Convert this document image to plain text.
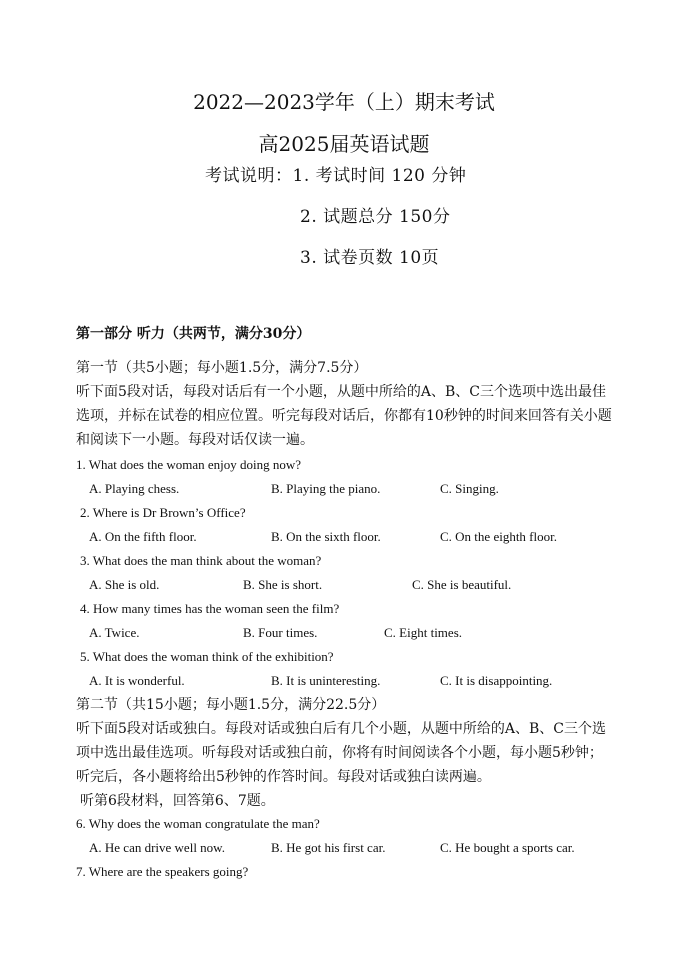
2022—2023学年（上）期末考试
高2025届英语试题
考试说明：1. 考试时间 120 分钟
2. 试题总分 150分
3. 试卷页数 10页
第一部分 听力（共两节，满分30分）
第一节（共5小题；每小题1.5分，满分7.5分）
听下面5段对话，每段对话后有一个小题，从题中所给的A、B、C三个选项中选出最佳
选项，并标在试卷的相应位置。听完每段对话后，你都有10秒钟的时间来回答有关小题
和阅读下一小题。每段对话仅读一遍。
1. What does the woman enjoy doing now?
A. Playing chess.	B. Playing the piano.	C. Singing.
2. Where is Dr Brown’s Office?
A. On the fifth floor.	B. On the sixth floor.	C. On the eighth floor.
3. What does the man think about the woman?
A. She is old.	B. She is short.	C. She is beautiful.
4. How many times has the woman seen the film?
A. Twice.	B. Four times.	C. Eight times.
5. What does the woman think of the exhibition?
A. It is wonderful.	B. It is uninteresting.	C. It is disappointing.
第二节（共15小题；每小题1.5分，满分22.5分）
听下面5段对话或独白。每段对话或独白后有几个小题，从题中所给的A、B、C三个选
项中选出最佳选项。听每段对话或独白前，你将有时间阅读各个小题，每小题5秒钟；
听完后，各小题将给出5秒钟的作答时间。每段对话或独白读两遍。
听第6段材料，回答第6、7题。
6. Why does the woman congratulate the man?
A. He can drive well now.	B. He got his first car.	C. He bought a sports car.
7. Where are the speakers going?
